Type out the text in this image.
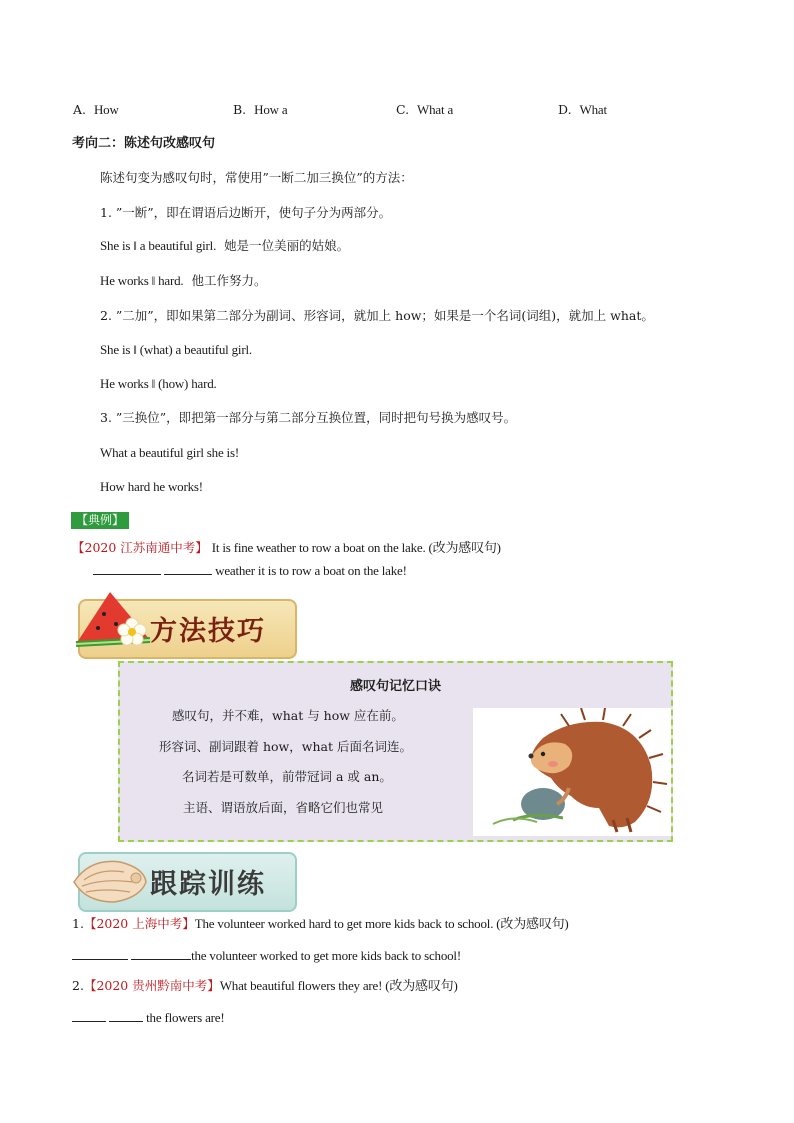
A. How	B. How a	C. What a	D. What
考向二：陈述句改感叹句
陈述句变为感叹句时，常使用”一断二加三换位”的方法：
1. ”一断”，即在谓语后边断开，使句子分为两部分。
She is ‖ a beautiful girl. 她是一位美丽的姑娘。
He works ‖ hard. 他工作努力。
2. ”二加”，即如果第二部分为副词、形容词，就加上 how；如果是一个名词(词组)，就加上 what。
She is ‖ (what) a beautiful girl.
He works ‖ (how) hard.
3. ”三换位”，即把第一部分与第二部分互换位置，同时把句号换为感叹号。
What a beautiful girl she is!
How hard he works!
【典例】
【2020 江苏南通中考】 It is fine weather to row a boat on the lake. (改为感叹句)
weather it is to row a boat on the lake!
方法技巧
感叹句记忆口诀
感叹句，并不难，what 与 how 应在前。
形容词、副词跟着 how，what 后面名词连。
名词若是可数单，前带冠词 a 或 an。
主语、谓语放后面，省略它们也常见
跟踪训练
1.【2020 上海中考】The volunteer worked hard to get more kids back to school. (改为感叹句)
the volunteer worked to get more kids back to school!
2.【2020 贵州黔南中考】What beautiful flowers they are! (改为感叹句)
the flowers are!
